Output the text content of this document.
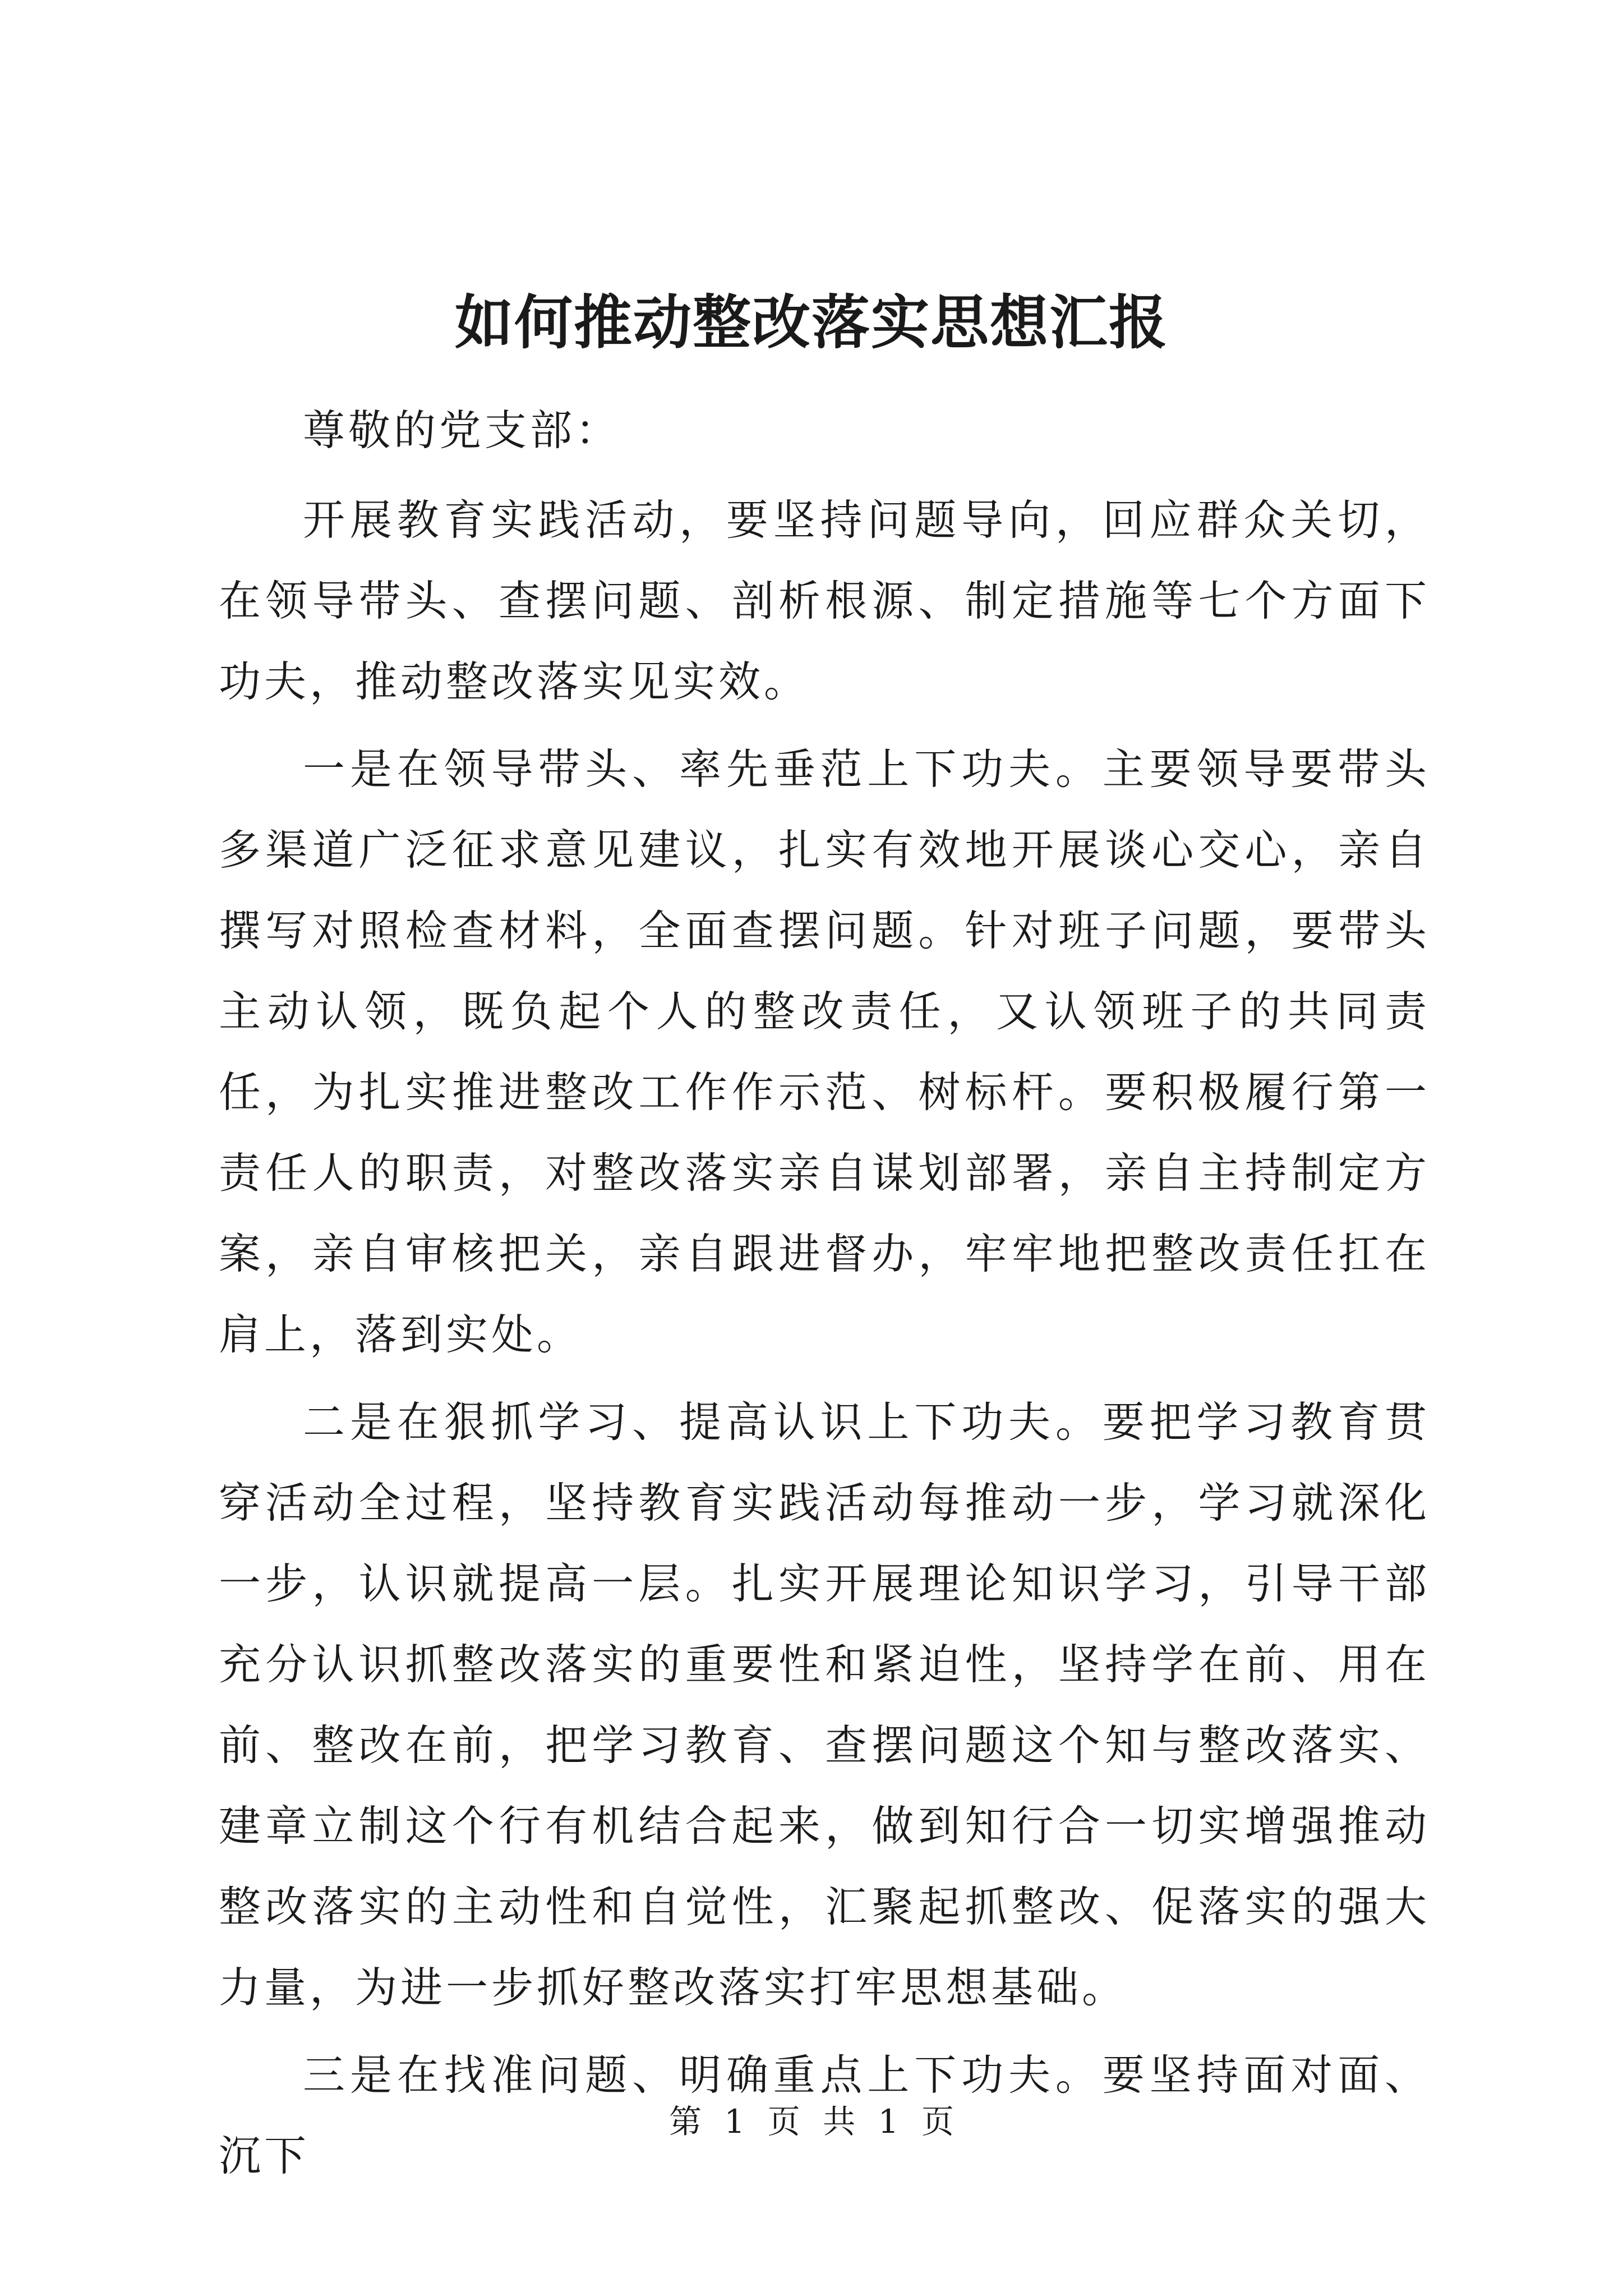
如何推动整改落实思想汇报

尊敬的党支部：

开展教育实践活动，要坚持问题导向，回应群众关切，在领导带头、查摆问题、剖析根源、制定措施等七个方面下功夫，推动整改落实见实效。

一是在领导带头、率先垂范上下功夫。主要领导要带头多渠道广泛征求意见建议，扎实有效地开展谈心交心，亲自撰写对照检查材料，全面查摆问题。针对班子问题，要带头主动认领，既负起个人的整改责任，又认领班子的共同责任，为扎实推进整改工作作示范、树标杆。要积极履行第一责任人的职责，对整改落实亲自谋划部署，亲自主持制定方案，亲自审核把关，亲自跟进督办，牢牢地把整改责任扛在肩上，落到实处。

二是在狠抓学习、提高认识上下功夫。要把学习教育贯穿活动全过程，坚持教育实践活动每推动一步，学习就深化一步，认识就提高一层。扎实开展理论知识学习，引导干部充分认识抓整改落实的重要性和紧迫性，坚持学在前、用在前、整改在前，把学习教育、查摆问题这个知与整改落实、建章立制这个行有机结合起来，做到知行合一切实增强推动整改落实的主动性和自觉性，汇聚起抓整改、促落实的强大力量，为进一步抓好整改落实打牢思想基础。

三是在找准问题、明确重点上下功夫。要坚持面对面、沉下

第 1 页 共 1 页
